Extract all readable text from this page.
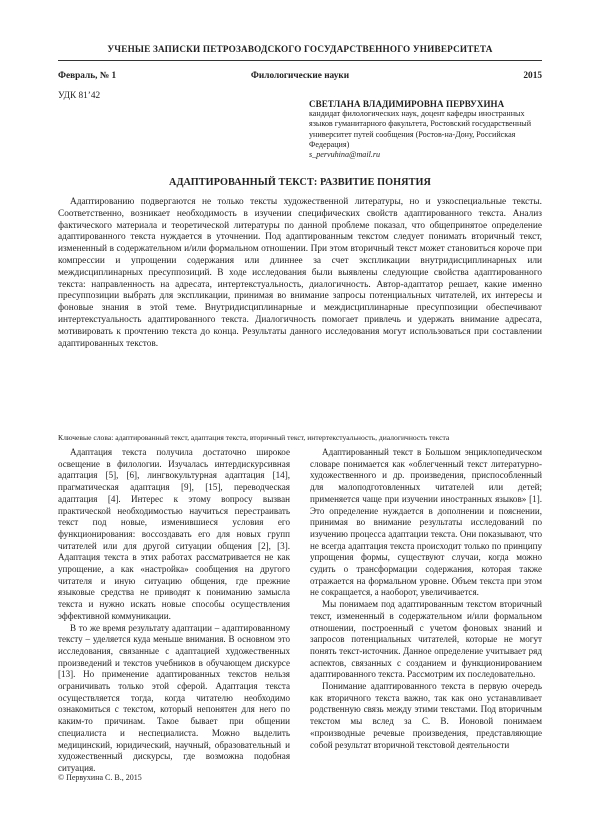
УЧЕНЫЕ ЗАПИСКИ ПЕТРОЗАВОДСКОГО ГОСУДАРСТВЕННОГО УНИВЕРСИТЕТА
Февраль, № 1	Филологические науки	2015
УДК 81’42
СВЕТЛАНА ВЛАДИМИРОВНА ПЕРВУХИНА
кандидат филологических наук, доцент кафедры иностранных языков гуманитарного факультета, Ростовский государственный университет путей сообщения (Ростов-на-Дону, Российская Федерация)
s_pervuhina@mail.ru
АДАПТИРОВАННЫЙ ТЕКСТ: РАЗВИТИЕ ПОНЯТИЯ
Адаптированию подвергаются не только тексты художественной литературы, но и узкоспециальные тексты. Соответственно, возникает необходимость в изучении специфических свойств адаптированного текста. Анализ фактического материала и теоретической литературы по данной проблеме показал, что общепринятое определение адаптированного текста нуждается в уточнении. Под адаптированным текстом следует понимать вторичный текст, измененный в содержательном и/или формальном отношении. При этом вторичный текст может становиться короче при компрессии и упрощении содержания или длиннее за счет экспликации внутридисциплинарных или междисциплинарных пресуппозиций. В ходе исследования были выявлены следующие свойства адаптированного текста: направленность на адресата, интертекстуальность, диалогичность. Автор-адаптатор решает, какие именно пресуппозиции выбрать для экспликации, принимая во внимание запросы потенциальных читателей, их интересы и фоновые знания в этой теме. Внутридисциплинарные и междисциплинарные пресуппозиции обеспечивают интертекстуальность адаптированного текста. Диалогичность помогает привлечь и удержать внимание адресата, мотивировать к прочтению текста до конца. Результаты данного исследования могут использоваться при составлении адаптированных текстов.
Ключевые слова: адаптированный текст, адаптация текста, вторичный текст, интертекстуальность, диалогичность текста

Адаптация текста получила достаточно широкое освещение в филологии. Изучалась интердискурсивная адаптация [5], [6], лингвокультурная адаптация [14], прагматическая адаптация [9], [15], переводческая адаптация [4]. Интерес к этому вопросу вызван практической необходимостью научиться перестраивать текст под новые, изменившиеся условия его функционирования: воссоздавать его для новых групп читателей или для другой ситуации общения [2], [3]. Адаптация текста в этих работах рассматривается не как упрощение, а как «настройка» сообщения на другого читателя и иную ситуацию общения, где прежние языковые средства не приводят к пониманию замысла текста и нужно искать новые способы осуществления эффективной коммуникации.

В то же время результату адаптации – адаптированному тексту – уделяется куда меньше внимания. В основном это исследования, связанные с адаптацией художественных произведений и текстов учебников в обучающем дискурсе [13]. Но применение адаптированных текстов нельзя ограничивать только этой сферой. Адаптация текста осуществляется тогда, когда читателю необходимо ознакомиться с текстом, который непонятен для него по каким-то причинам. Такое бывает при общении специалиста и неспециалиста. Можно выделить медицинский, юридический, научный, образовательный и художественный дискурсы, где возможна подобная ситуация.

Адаптированный текст в Большом энциклопедическом словаре понимается как «облегченный текст литературно-художественного и др. произведения, приспособленный для малоподготовленных читателей или детей; применяется чаще при изучении иностранных языков» [1]. Это определение нуждается в дополнении и пояснении, принимая во внимание результаты исследований по изучению процесса адаптации текста. Они показывают, что не всегда адаптация текста происходит только по принципу упрощения формы, существуют случаи, когда можно судить о трансформации содержания, которая также отражается на формальном уровне. Объем текста при этом не сокращается, а наоборот, увеличивается.

Мы понимаем под адаптированным текстом вторичный текст, измененный в содержательном и/или формальном отношении, построенный с учетом фоновых знаний и запросов потенциальных читателей, которые не могут понять текст-источник. Данное определение учитывает ряд аспектов, связанных с созданием и функционированием адаптированного текста. Рассмотрим их последовательно.

Понимание адаптированного текста в первую очередь как вторичного текста важно, так как оно устанавливает родственную связь между этими текстами. Под вторичным текстом мы вслед за С. В. Ионовой понимаем «производные речевые произведения, представляющие собой результат вторичной текстовой деятельности

© Первухина С. В., 2015
